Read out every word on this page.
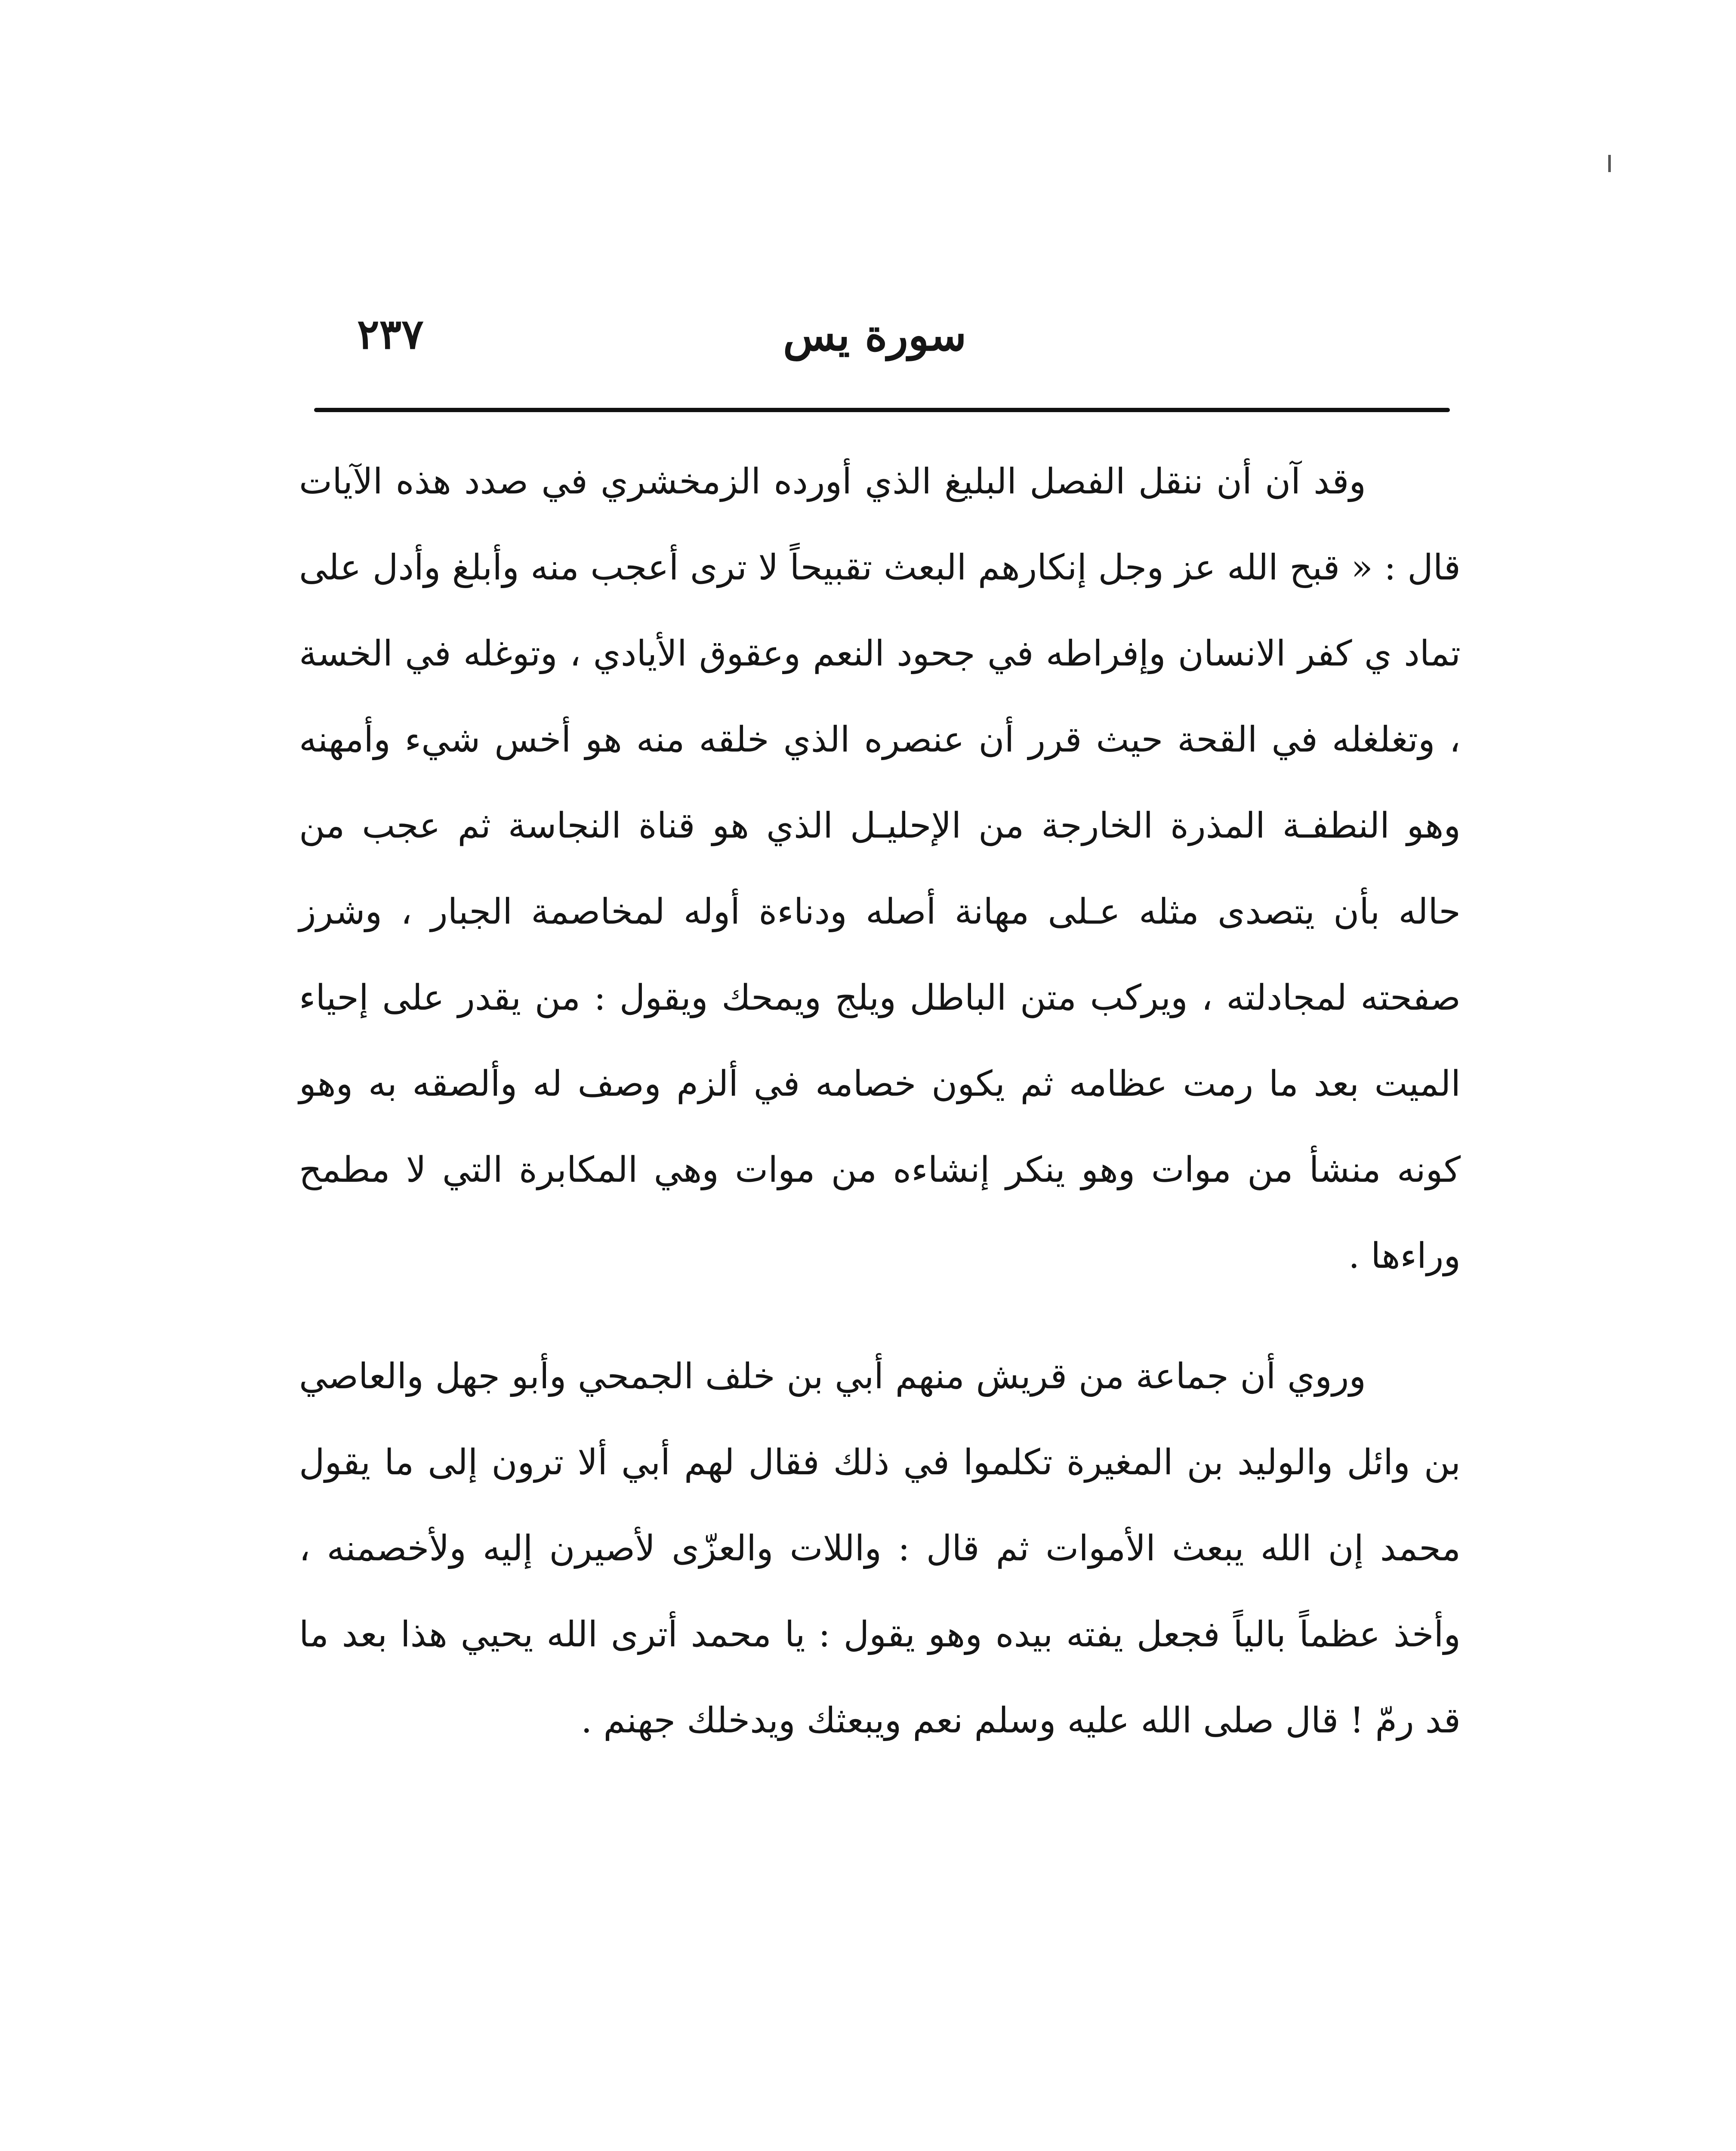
سورة يس
٢٣٧

وقد آن أن ننقل الفصل البليغ الذي أورده الزمخشري في صدد هذه الآيات قال : « قبح الله عز وجل إنكارهم البعث تقبيحاً لا ترى أعجب منه وأبلغ وأدل على تماد ي كفر الانسان وإفراطه في جحود النعم وعقوق الأيادي ، وتوغله في الخسة ، وتغلغله في القحة حيث قرر أن عنصره الذي خلقه منه هو أخس شيء وأمهنه وهو النطفـة المذرة الخارجة من الإحليـل الذي هو قناة النجاسة ثم عجب من حاله بأن يتصدى مثله عـلى مهانة أصله ودناءة أوله لمخاصمة الجبار ، وشرز صفحته لمجادلته ، ويركب متن الباطل ويلج ويمحك ويقول : من يقدر على إحياء الميت بعد ما رمت عظامه ثم يكون خصامه في ألزم وصف له وألصقه به وهو كونه منشأ من موات وهو ينكر إنشاءه من موات وهي المكابرة التي لا مطمح وراءها .

وروي أن جماعة من قريش منهم أبي بن خلف الجمحي وأبو جهل والعاصي بن وائل والوليد بن المغيرة تكلموا في ذلك فقال لهم أبي ألا ترون إلى ما يقول محمد إن الله يبعث الأموات ثم قال : واللات والعزّى لأصيرن إليه ولأخصمنه ، وأخذ عظماً بالياً فجعل يفته بيده وهو يقول : يا محمد أترى الله يحيي هذا بعد ما قد رمّ ! قال صلى الله عليه وسلم نعم ويبعثك ويدخلك جهنم .
